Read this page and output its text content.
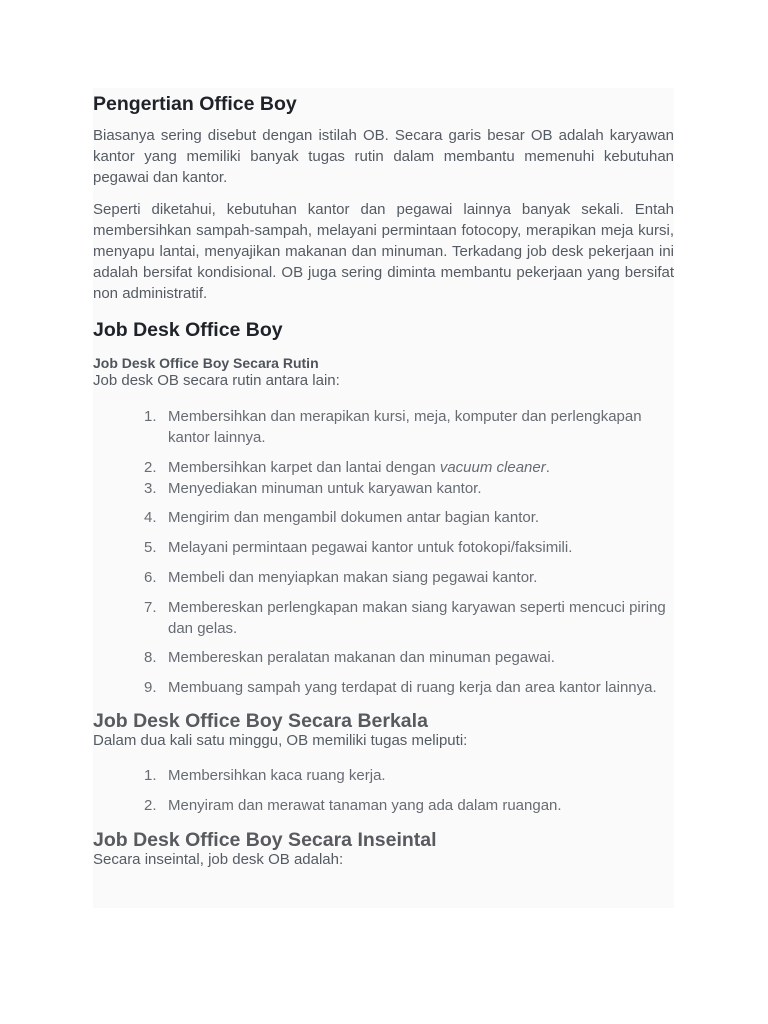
Pengertian Office Boy

Biasanya sering disebut dengan istilah OB. Secara garis besar OB adalah karyawan kantor yang memiliki banyak tugas rutin dalam membantu memenuhi kebutuhan pegawai dan kantor.

Seperti diketahui, kebutuhan kantor dan pegawai lainnya banyak sekali. Entah membersihkan sampah-sampah, melayani permintaan fotocopy, merapikan meja kursi, menyapu lantai, menyajikan makanan dan minuman. Terkadang job desk pekerjaan ini adalah bersifat kondisional. OB juga sering diminta membantu pekerjaan yang bersifat non administratif.

Job Desk Office Boy

Job Desk Office Boy Secara Rutin

Job desk OB secara rutin antara lain:

1. Membersihkan dan merapikan kursi, meja, komputer dan perlengkapan kantor lainnya.
2. Membersihkan karpet dan lantai dengan vacuum cleaner.
3. Menyediakan minuman untuk karyawan kantor.
4. Mengirim dan mengambil dokumen antar bagian kantor.
5. Melayani permintaan pegawai kantor untuk fotokopi/faksimili.
6. Membeli dan menyiapkan makan siang pegawai kantor.
7. Membereskan perlengkapan makan siang karyawan seperti mencuci piring dan gelas.
8. Membereskan peralatan makanan dan minuman pegawai.
9. Membuang sampah yang terdapat di ruang kerja dan area kantor lainnya.
Job Desk Office Boy Secara Berkala

Dalam dua kali satu minggu, OB memiliki tugas meliputi:

1. Membersihkan kaca ruang kerja.
2. Menyiram dan merawat tanaman yang ada dalam ruangan.
Job Desk Office Boy Secara Inseintal

Secara inseintal, job desk OB adalah:
